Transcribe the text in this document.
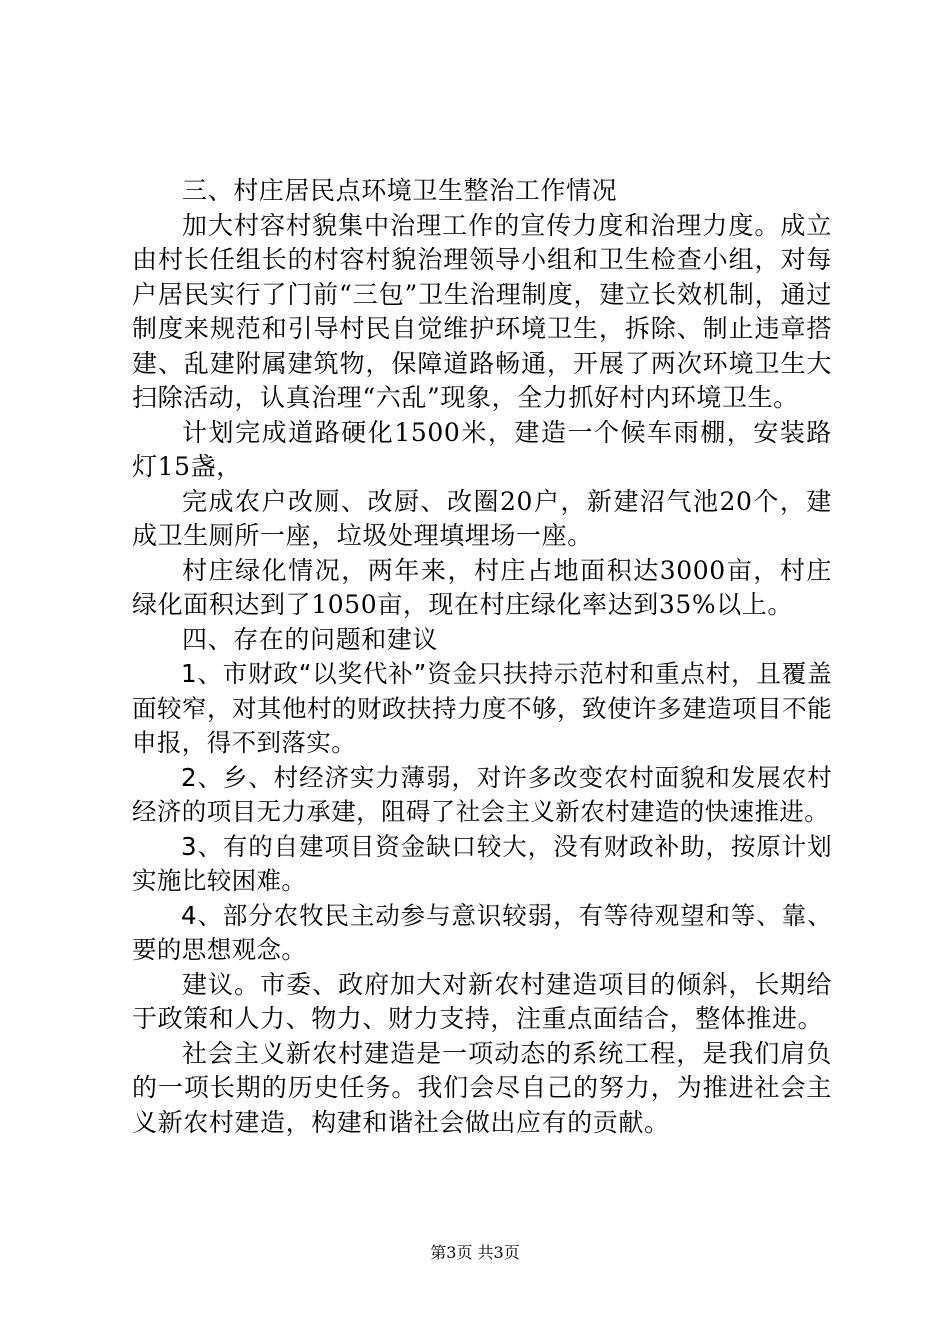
三、村庄居民点环境卫生整治工作情况

加大村容村貌集中治理工作的宣传力度和治理力度。成立由村长任组长的村容村貌治理领导小组和卫生检查小组，对每户居民实行了门前“三包”卫生治理制度，建立长效机制，通过制度来规范和引导村民自觉维护环境卫生，拆除、制止违章搭建、乱建附属建筑物，保障道路畅通，开展了两次环境卫生大扫除活动，认真治理“六乱”现象，全力抓好村内环境卫生。

计划完成道路硬化1500米，建造一个候车雨棚，安装路灯15盏，

完成农户改厕、改厨、改圈20户，新建沼气池20个，建成卫生厕所一座，垃圾处理填埋场一座。

村庄绿化情况，两年来，村庄占地面积达3000亩，村庄绿化面积达到了1050亩，现在村庄绿化率达到35%以上。

四、存在的问题和建议

1、市财政“以奖代补”资金只扶持示范村和重点村，且覆盖面较窄，对其他村的财政扶持力度不够，致使许多建造项目不能申报，得不到落实。

2、乡、村经济实力薄弱，对许多改变农村面貌和发展农村经济的项目无力承建，阻碍了社会主义新农村建造的快速推进。

3、有的自建项目资金缺口较大，没有财政补助，按原计划实施比较困难。

4、部分农牧民主动参与意识较弱，有等待观望和等、靠、要的思想观念。

建议。市委、政府加大对新农村建造项目的倾斜，长期给于政策和人力、物力、财力支持，注重点面结合，整体推进。

社会主义新农村建造是一项动态的系统工程，是我们肩负的一项长期的历史任务。我们会尽自己的努力，为推进社会主义新农村建造，构建和谐社会做出应有的贡献。

第3页 共3页
